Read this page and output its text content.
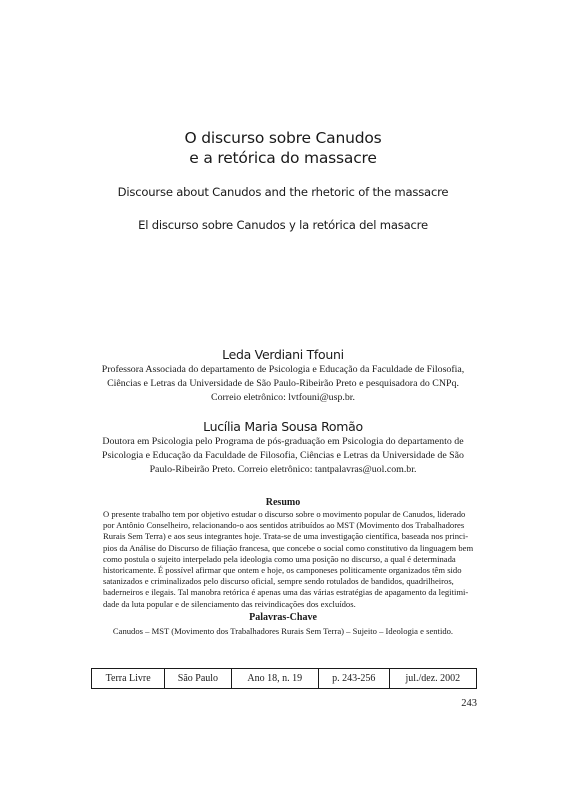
O discurso sobre Canudos
e a retórica do massacre
Discourse about Canudos and the rhetoric of the massacre
El discurso sobre Canudos y la retórica del masacre
Leda Verdiani Tfouni
Professora Associada do departamento de Psicologia e Educação da Faculdade de Filosofia,
Ciências e Letras da Universidade de São Paulo-Ribeirão Preto e pesquisadora do CNPq.
Correio eletrônico: lvtfouni@usp.br.
Lucília Maria Sousa Romão
Doutora em Psicologia pelo Programa de pós-graduação em Psicologia do departamento de
Psicologia e Educação da Faculdade de Filosofia, Ciências e Letras da Universidade de São
Paulo-Ribeirão Preto. Correio eletrônico: tantpalavras@uol.com.br.
Resumo
O presente trabalho tem por objetivo estudar o discurso sobre o movimento popular de Canudos, liderado
por Antônio Conselheiro, relacionando-o aos sentidos atribuídos ao MST (Movimento dos Trabalhadores
Rurais Sem Terra) e aos seus integrantes hoje. Trata-se de uma investigação científica, baseada nos princi-
pios da Análise do Discurso de filiação francesa, que concebe o social como constitutivo da linguagem bem
como postula o sujeito interpelado pela ideologia como uma posição no discurso, a qual é determinada
historicamente. É possível afirmar que ontem e hoje, os camponeses politicamente organizados têm sido
satanizados e criminalizados pelo discurso oficial, sempre sendo rotulados de bandidos, quadrilheiros,
baderneiros e ilegais. Tal manobra retórica é apenas uma das várias estratégias de apagamento da legitimi-
dade da luta popular e de silenciamento das reivindicações dos excluídos.
Palavras-Chave
Canudos – MST (Movimento dos Trabalhadores Rurais Sem Terra) – Sujeito – Ideologia e sentido.
Terra Livre	São Paulo	Ano 18, n. 19	p. 243-256	jul./dez. 2002
243
